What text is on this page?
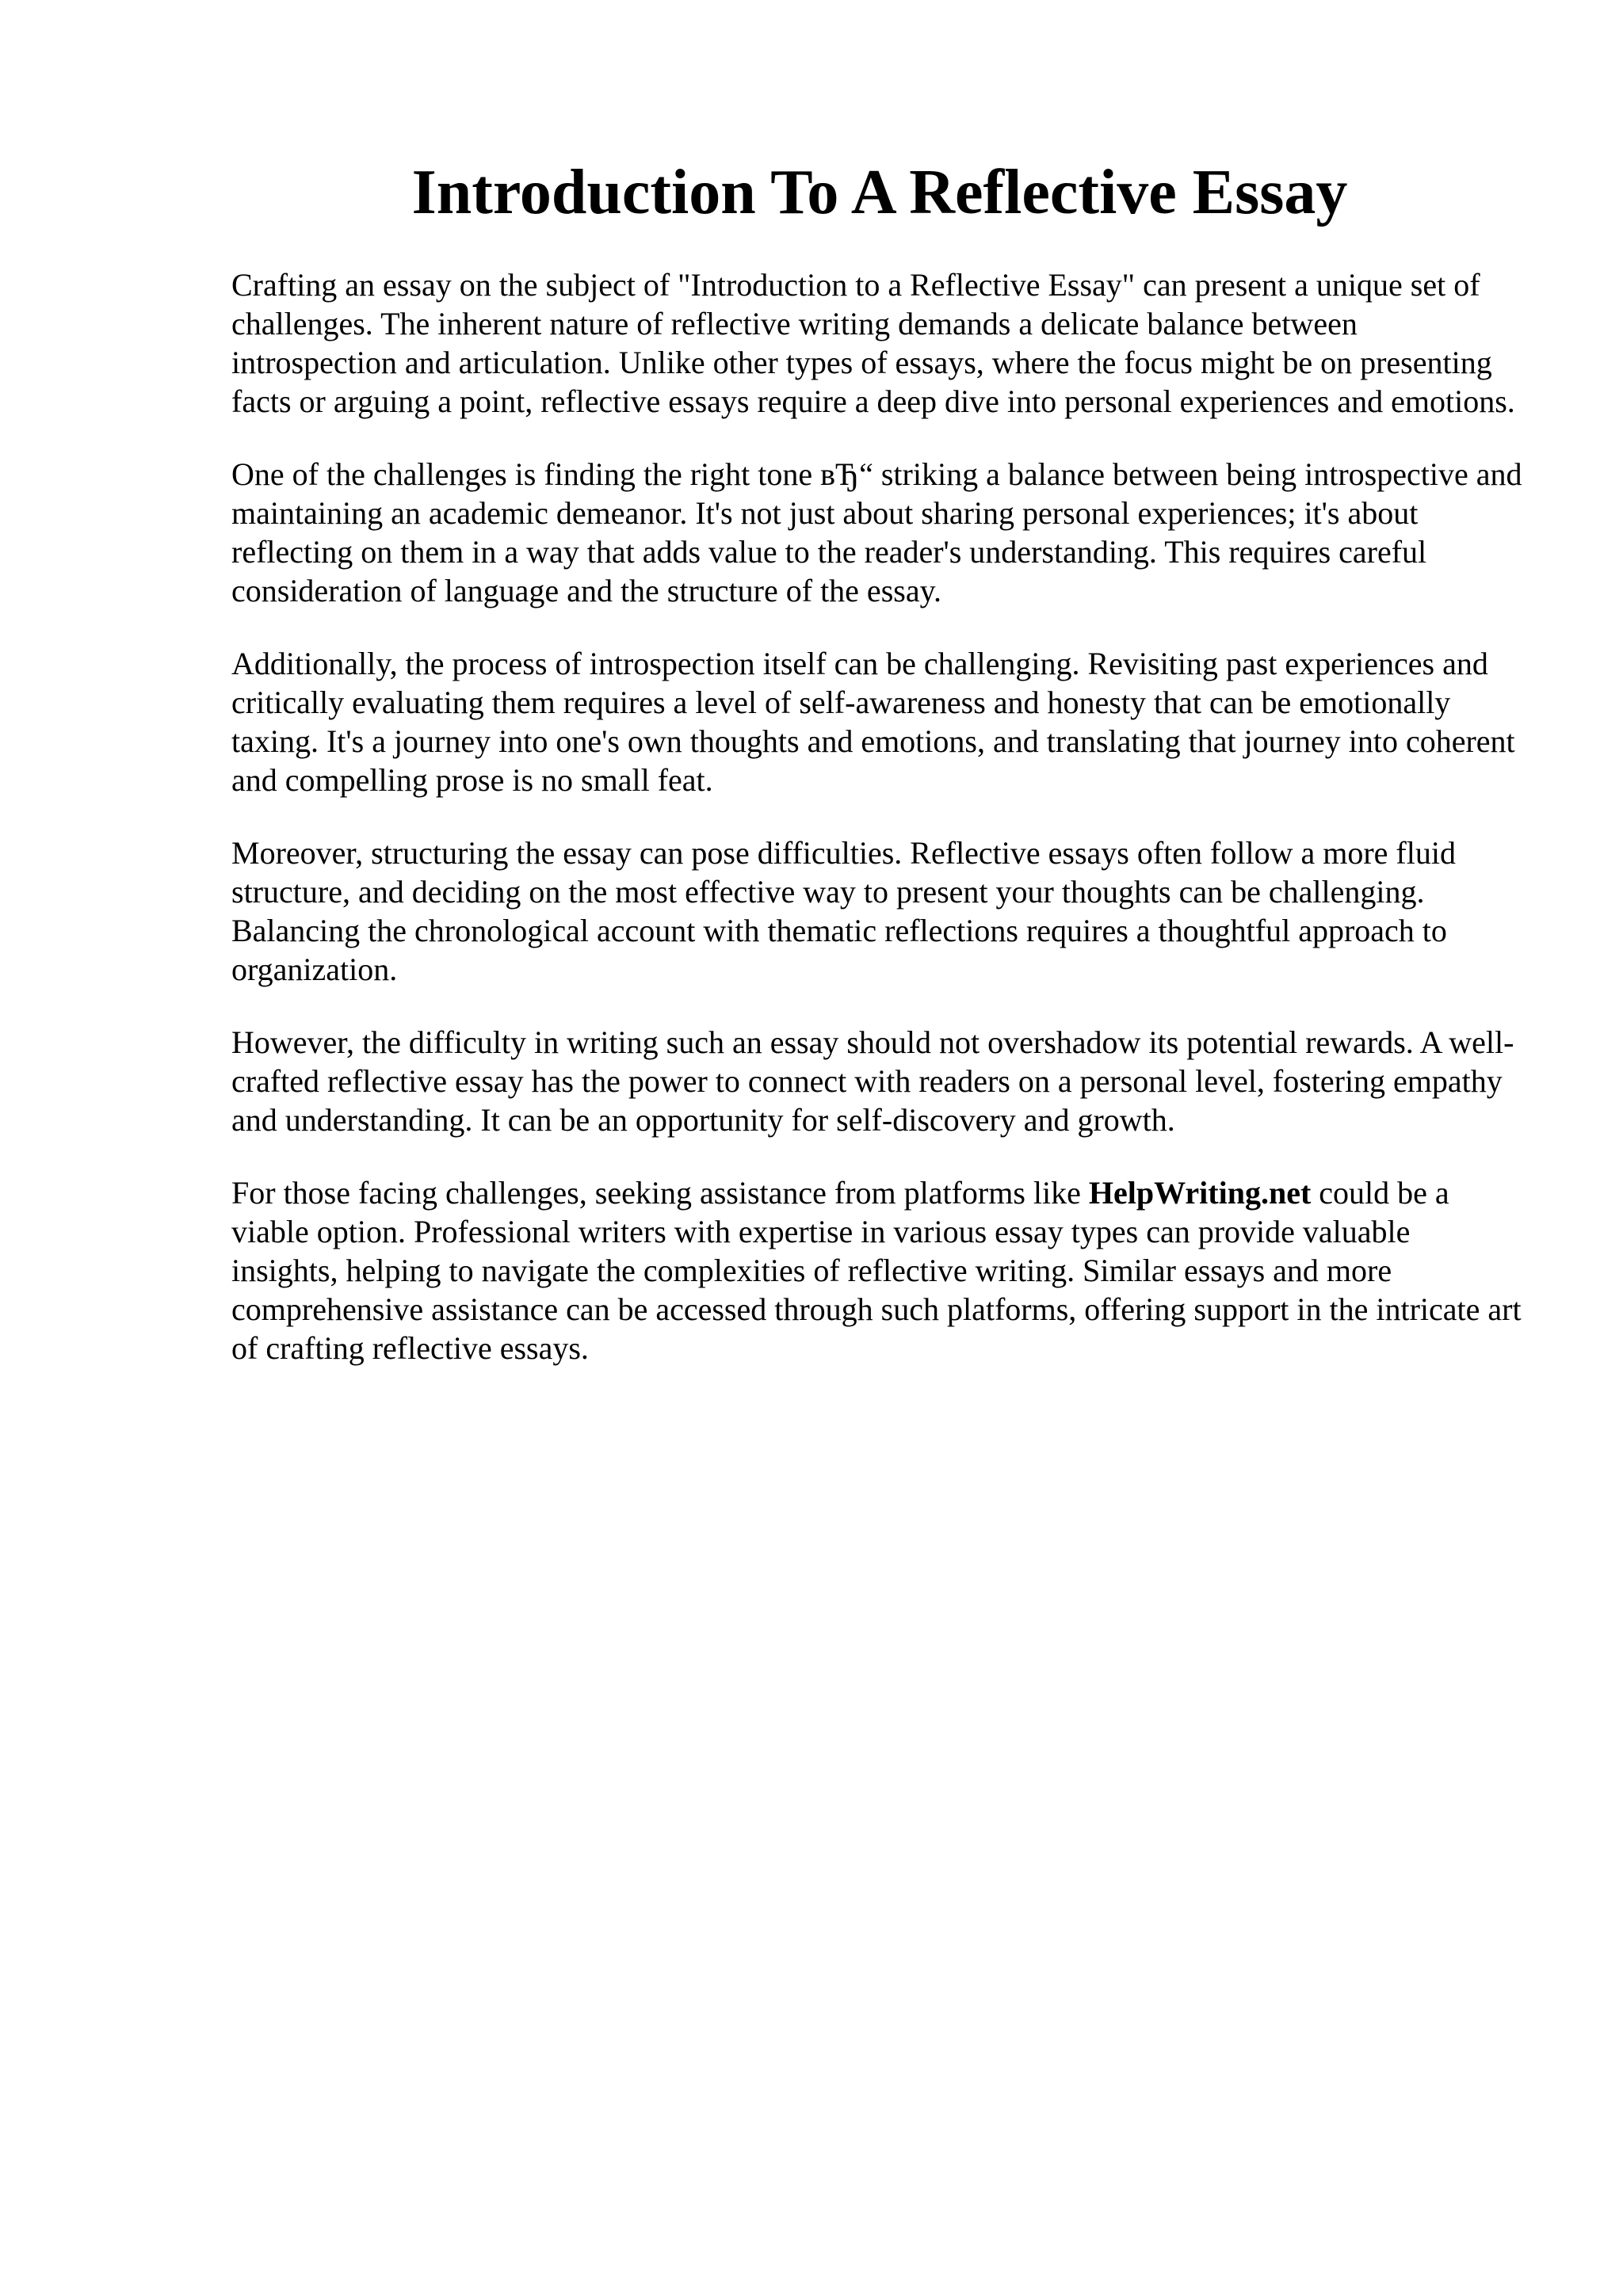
Introduction To A Reflective Essay

Crafting an essay on the subject of "Introduction to a Reflective Essay" can present a unique set of challenges. The inherent nature of reflective writing demands a delicate balance between introspection and articulation. Unlike other types of essays, where the focus might be on presenting facts or arguing a point, reflective essays require a deep dive into personal experiences and emotions.

One of the challenges is finding the right tone вЂ“ striking a balance between being introspective and maintaining an academic demeanor. It's not just about sharing personal experiences; it's about reflecting on them in a way that adds value to the reader's understanding. This requires careful consideration of language and the structure of the essay.

Additionally, the process of introspection itself can be challenging. Revisiting past experiences and critically evaluating them requires a level of self-awareness and honesty that can be emotionally taxing. It's a journey into one's own thoughts and emotions, and translating that journey into coherent and compelling prose is no small feat.

Moreover, structuring the essay can pose difficulties. Reflective essays often follow a more fluid structure, and deciding on the most effective way to present your thoughts can be challenging. Balancing the chronological account with thematic reflections requires a thoughtful approach to organization.

However, the difficulty in writing such an essay should not overshadow its potential rewards. A well-crafted reflective essay has the power to connect with readers on a personal level, fostering empathy and understanding. It can be an opportunity for self-discovery and growth.

For those facing challenges, seeking assistance from platforms like HelpWriting.net could be a viable option. Professional writers with expertise in various essay types can provide valuable insights, helping to navigate the complexities of reflective writing. Similar essays and more comprehensive assistance can be accessed through such platforms, offering support in the intricate art of crafting reflective essays.
